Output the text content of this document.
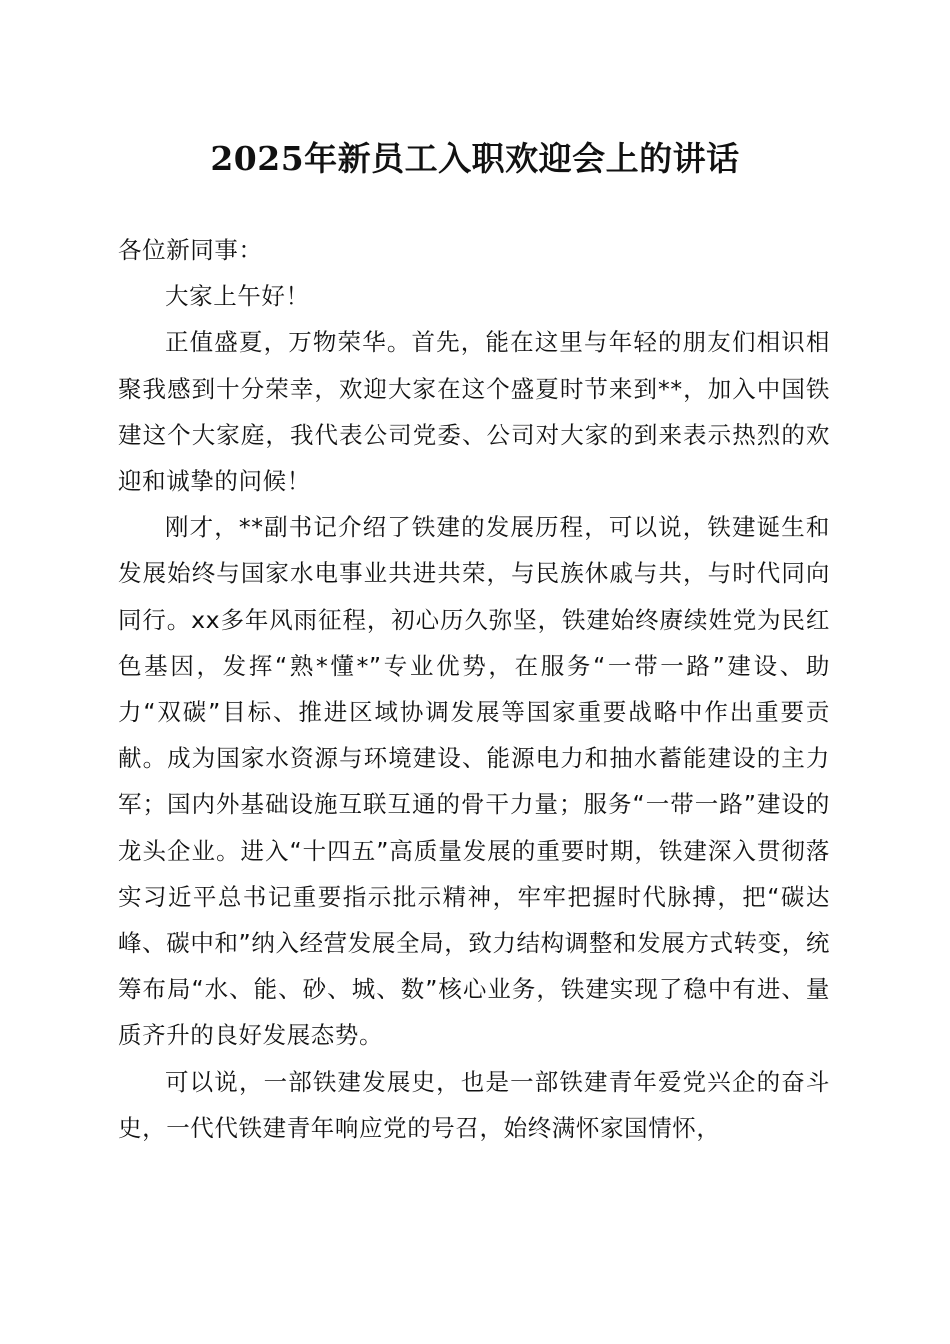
2025年新员工入职欢迎会上的讲话

各位新同事：

大家上午好！

正值盛夏，万物荣华。首先，能在这里与年轻的朋友们相识相聚我感到十分荣幸，欢迎大家在这个盛夏时节来到**，加入中国铁建这个大家庭，我代表公司党委、公司对大家的到来表示热烈的欢迎和诚挚的问候！

刚才，**副书记介绍了铁建的发展历程，可以说，铁建诞生和发展始终与国家水电事业共进共荣，与民族休戚与共，与时代同向同行。xx多年风雨征程，初心历久弥坚，铁建始终赓续姓党为民红色基因，发挥“熟*懂*”专业优势，在服务“一带一路”建设、助力“双碳”目标、推进区域协调发展等国家重要战略中作出重要贡献。成为国家水资源与环境建设、能源电力和抽水蓄能建设的主力军；国内外基础设施互联互通的骨干力量；服务“一带一路”建设的龙头企业。进入“十四五”高质量发展的重要时期，铁建深入贯彻落实习近平总书记重要指示批示精神，牢牢把握时代脉搏，把“碳达峰、碳中和”纳入经营发展全局，致力结构调整和发展方式转变，统筹布局“水、能、砂、城、数”核心业务，铁建实现了稳中有进、量质齐升的良好发展态势。

可以说，一部铁建发展史，也是一部铁建青年爱党兴企的奋斗史，一代代铁建青年响应党的号召，始终满怀家国情怀，
